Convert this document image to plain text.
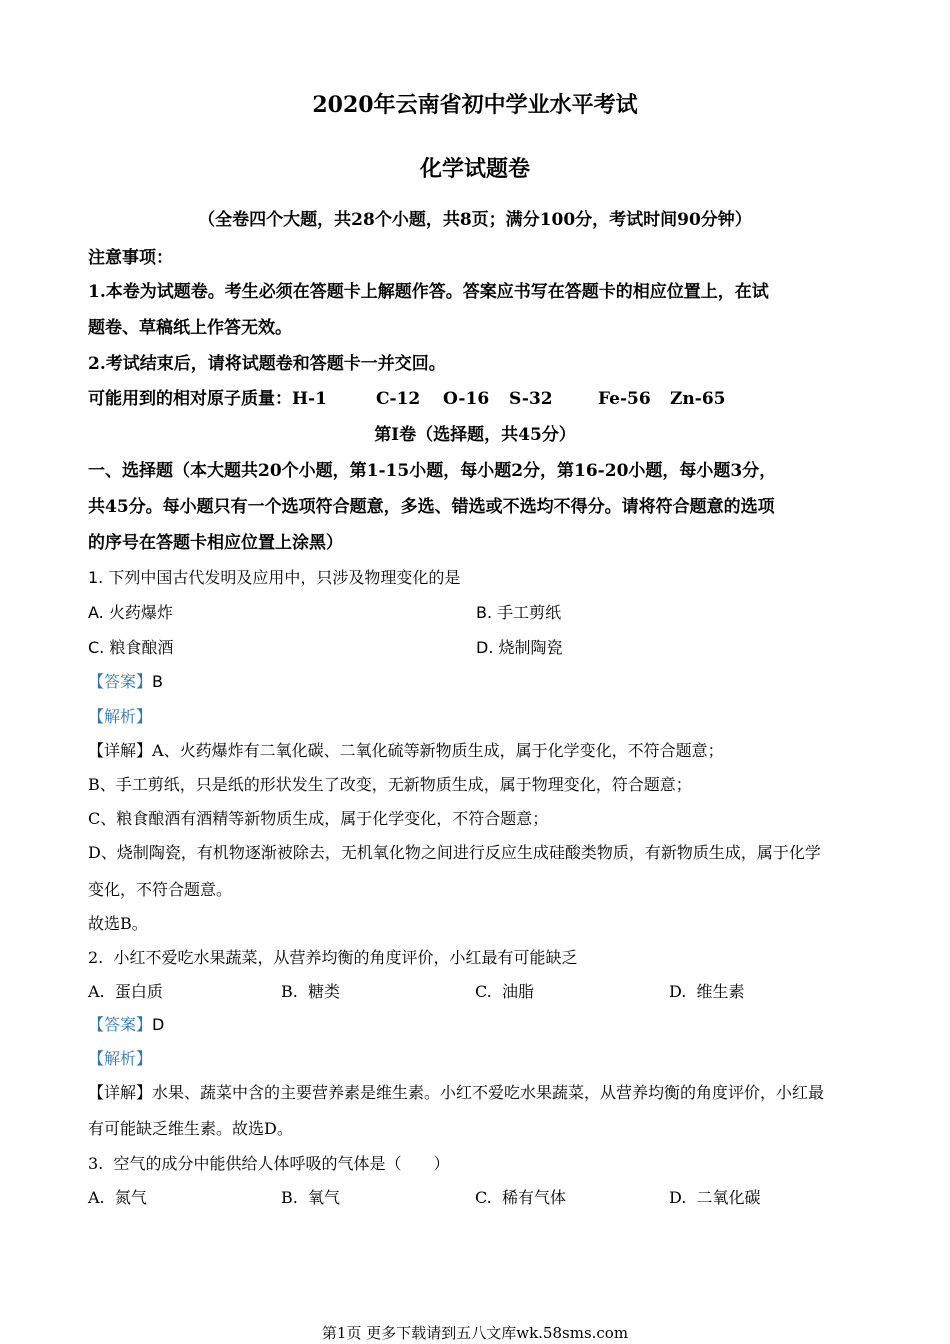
2020年云南省初中学业水平考试
化学试题卷
（全卷四个大题，共28个小题，共8页；满分100分，考试时间90分钟）
注意事项：
1.本卷为试题卷。考生必须在答题卡上解题作答。答案应书写在答题卡的相应位置上，在试
题卷、草稿纸上作答无效。
2.考试结束后，请将试题卷和答题卡一并交回。
可能用到的相对原子质量：H-1	C-12 O-16 S-32	Fe-56 Zn-65
第Ⅰ卷（选择题，共45分）
一、选择题（本大题共20个小题，第1-15小题，每小题2分，第16-20小题，每小题3分，
共45分。每小题只有一个选项符合题意，多选、错选或不选均不得分。请将符合题意的选项
的序号在答题卡相应位置上涂黑）
1. 下列中国古代发明及应用中，只涉及物理变化的是
A. 火药爆炸	B. 手工剪纸
C. 粮食酿酒	D. 烧制陶瓷
【答案】B
【解析】
【详解】A、火药爆炸有二氧化碳、二氧化硫等新物质生成，属于化学变化，不符合题意；
B、手工剪纸，只是纸的形状发生了改变，无新物质生成，属于物理变化，符合题意；
C、粮食酿酒有酒精等新物质生成，属于化学变化，不符合题意；
D、烧制陶瓷，有机物逐渐被除去，无机氧化物之间进行反应生成硅酸类物质，有新物质生成，属于化学
变化，不符合题意。
故选B。
2. 小红不爱吃水果蔬菜，从营养均衡的角度评价，小红最有可能缺乏
A. 蛋白质	B. 糖类	C. 油脂	D. 维生素
【答案】D
【解析】
【详解】水果、蔬菜中含的主要营养素是维生素。小红不爱吃水果蔬菜，从营养均衡的角度评价，小红最
有可能缺乏维生素。故选D。
3. 空气的成分中能供给人体呼吸的气体是（　　）
A. 氮气	B. 氧气	C. 稀有气体	D. 二氧化碳
第1页 更多下载请到五八文库wk.58sms.com
